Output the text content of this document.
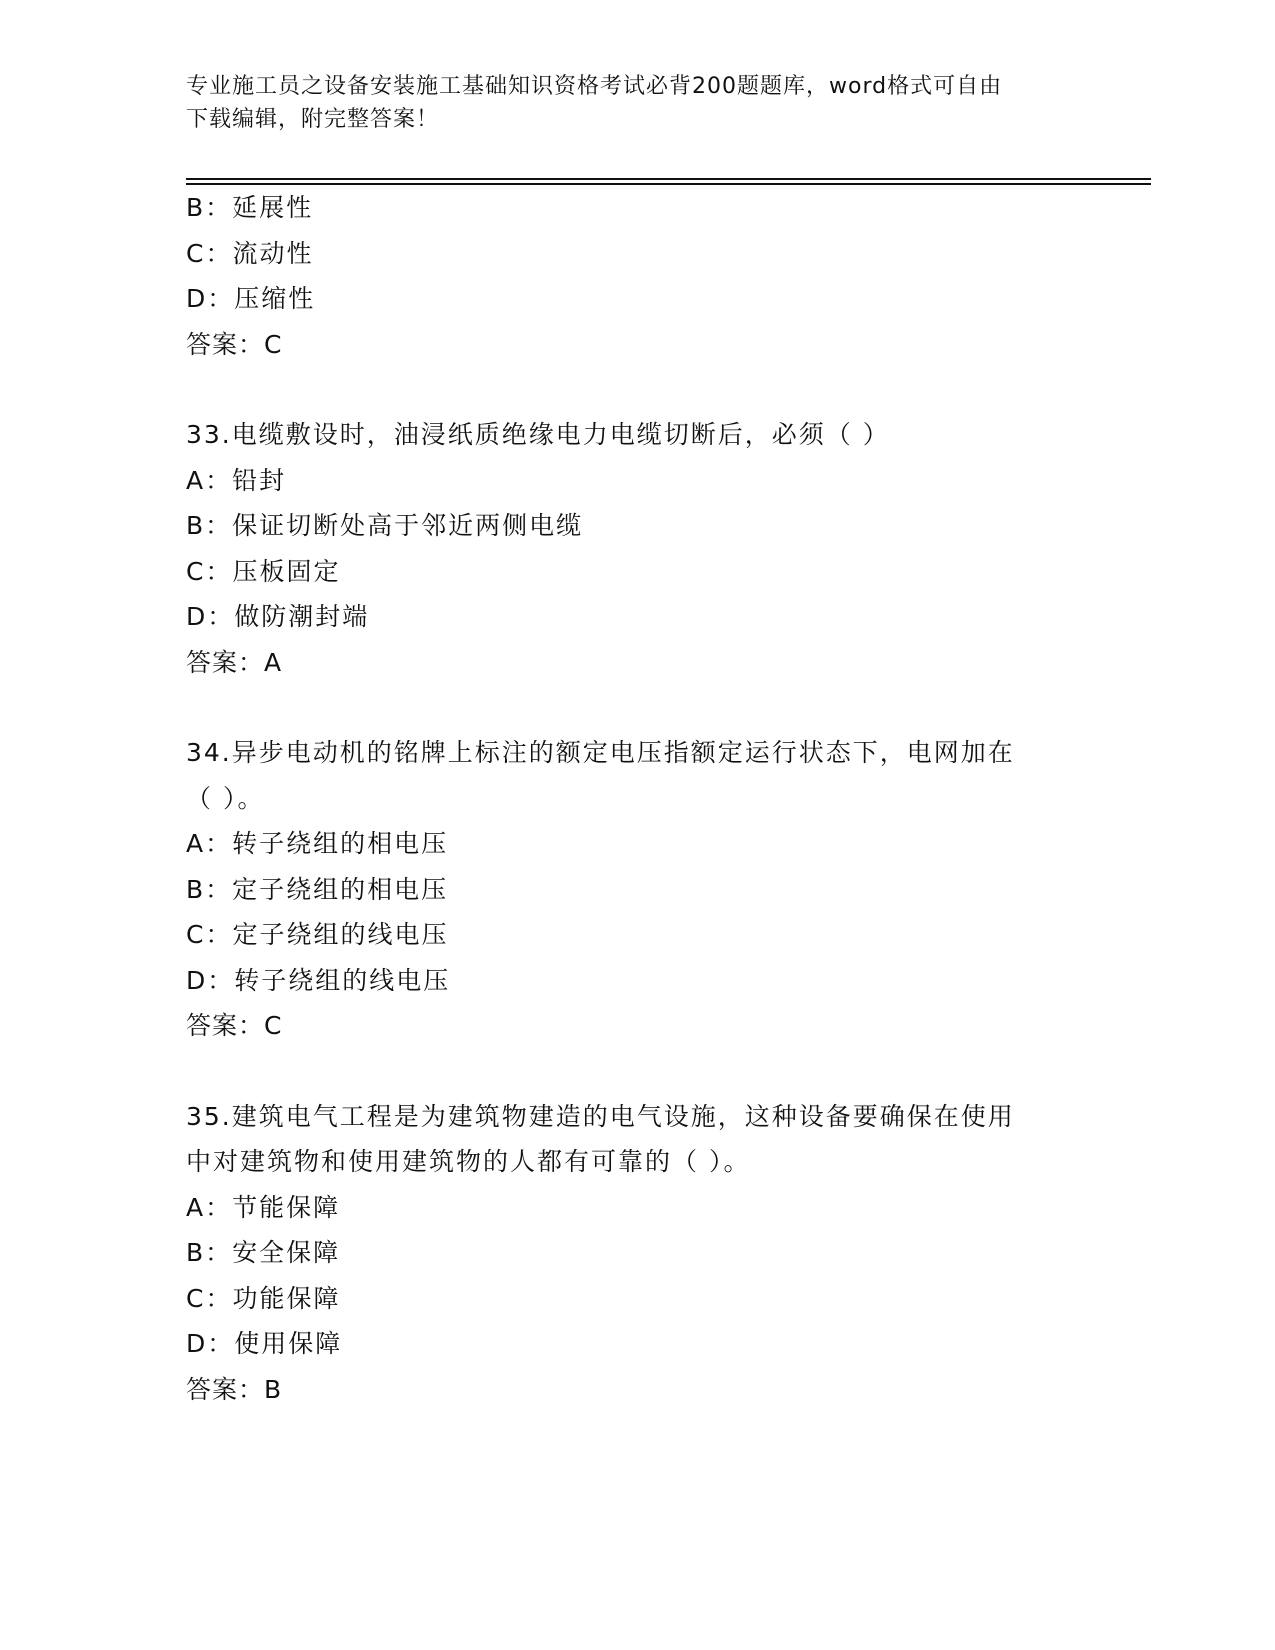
专业施工员之设备安装施工基础知识资格考试必背200题题库，word格式可自由
下载编辑，附完整答案！
B：延展性
C：流动性
D：压缩性
答案：C
33.电缆敷设时，油浸纸质绝缘电力电缆切断后，必须（ ）
A：铅封
B：保证切断处高于邻近两侧电缆
C：压板固定
D：做防潮封端
答案：A
34.异步电动机的铭牌上标注的额定电压指额定运行状态下，电网加在
（ ）。
A：转子绕组的相电压
B：定子绕组的相电压
C：定子绕组的线电压
D：转子绕组的线电压
答案：C
35.建筑电气工程是为建筑物建造的电气设施，这种设备要确保在使用
中对建筑物和使用建筑物的人都有可靠的（ ）。
A：节能保障
B：安全保障
C：功能保障
D：使用保障
答案：B
